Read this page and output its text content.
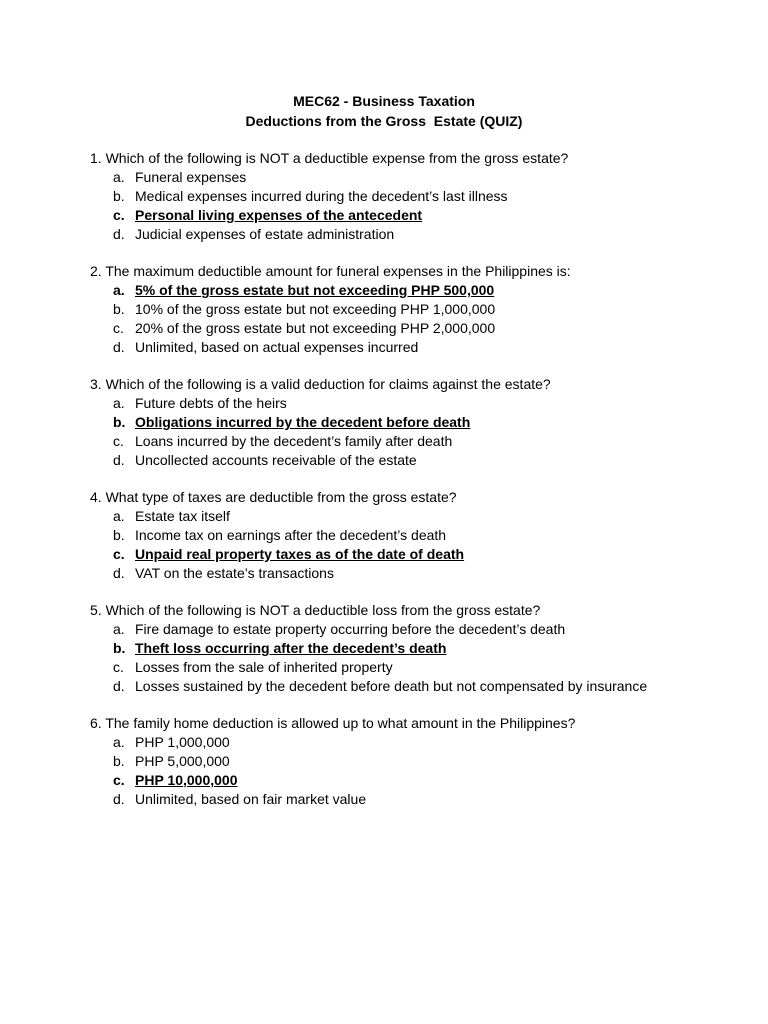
MEC62 - Business Taxation
Deductions from the Gross  Estate (QUIZ)
1. Which of the following is NOT a deductible expense from the gross estate?
a. Funeral expenses
b. Medical expenses incurred during the decedent’s last illness
c. Personal living expenses of the antecedent
d. Judicial expenses of estate administration
2. The maximum deductible amount for funeral expenses in the Philippines is:
a. 5% of the gross estate but not exceeding PHP 500,000
b. 10% of the gross estate but not exceeding PHP 1,000,000
c. 20% of the gross estate but not exceeding PHP 2,000,000
d. Unlimited, based on actual expenses incurred
3. Which of the following is a valid deduction for claims against the estate?
a. Future debts of the heirs
b. Obligations incurred by the decedent before death
c. Loans incurred by the decedent’s family after death
d. Uncollected accounts receivable of the estate
4. What type of taxes are deductible from the gross estate?
a. Estate tax itself
b. Income tax on earnings after the decedent’s death
c. Unpaid real property taxes as of the date of death
d. VAT on the estate’s transactions
5. Which of the following is NOT a deductible loss from the gross estate?
a. Fire damage to estate property occurring before the decedent’s death
b. Theft loss occurring after the decedent’s death
c. Losses from the sale of inherited property
d. Losses sustained by the decedent before death but not compensated by insurance
6. The family home deduction is allowed up to what amount in the Philippines?
a. PHP 1,000,000
b. PHP 5,000,000
c. PHP 10,000,000
d. Unlimited, based on fair market value
